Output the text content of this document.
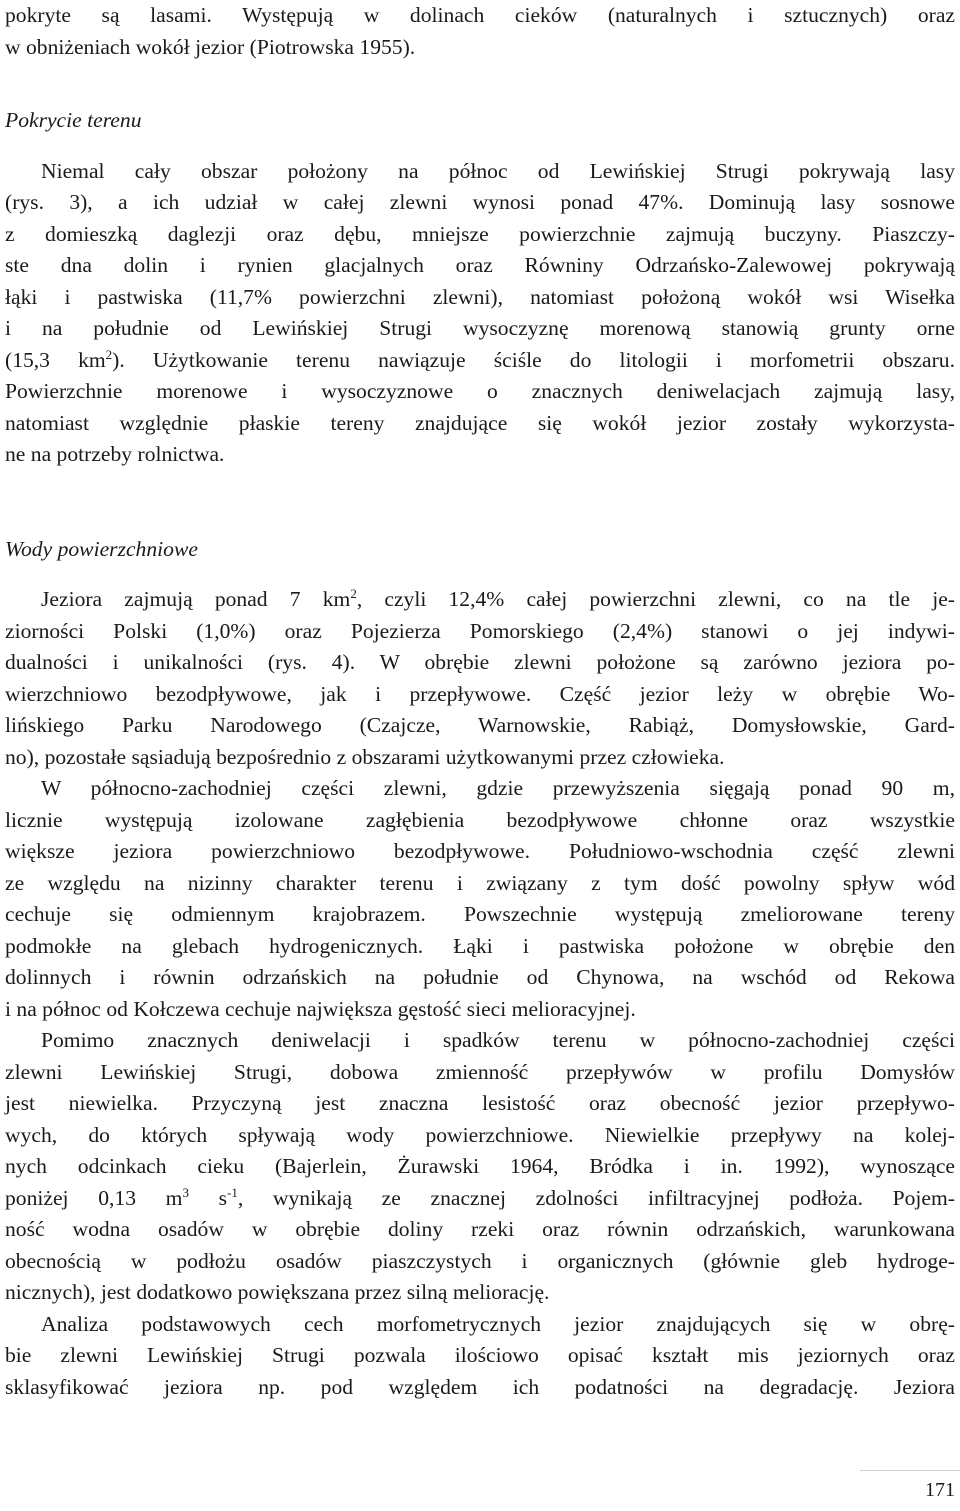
pokryte są lasami. Występują w dolinach cieków (naturalnych i sztucznych) oraz
w obniżeniach wokół jezior (Piotrowska 1955).
Pokrycie terenu
Niemal cały obszar położony na północ od Lewińskiej Strugi pokrywają lasy
(rys. 3), a ich udział w całej zlewni wynosi ponad 47%. Dominują lasy sosnowe
z domieszką daglezji oraz dębu, mniejsze powierzchnie zajmują buczyny. Piaszczy-
ste dna dolin i rynien glacjalnych oraz Równiny Odrzańsko-Zalewowej pokrywają
łąki i pastwiska (11,7% powierzchni zlewni), natomiast położoną wokół wsi Wisełka
i na południe od Lewińskiej Strugi wysoczyznę morenową stanowią grunty orne
(15,3 $km^2$). Użytkowanie terenu nawiązuje ściśle do litologii i morfometrii obszaru.
Powierzchnie morenowe i wysoczyznowe o znacznych deniwelacjach zajmują lasy,
natomiast względnie płaskie tereny znajdujące się wokół jezior zostały wykorzysta-
ne na potrzeby rolnictwa.
Wody powierzchniowe
Jeziora zajmują ponad 7 $km^2$, czyli 12,4% całej powierzchni zlewni, co na tle je-
ziorności Polski (1,0%) oraz Pojezierza Pomorskiego (2,4%) stanowi o jej indywi-
dualności i unikalności (rys. 4). W obrębie zlewni położone są zarówno jeziora po-
wierzchniowo bezodpływowe, jak i przepływowe. Część jezior leży w obrębie Wo-
lińskiego Parku Narodowego (Czajcze, Warnowskie, Rabiąż, Domysłowskie, Gard-
no), pozostałe sąsiadują bezpośrednio z obszarami użytkowanymi przez człowieka.
W północno-zachodniej części zlewni, gdzie przewyższenia sięgają ponad 90 m,
licznie występują izolowane zagłębienia bezodpływowe chłonne oraz wszystkie
większe jeziora powierzchniowo bezodpływowe. Południowo-wschodnia część zlewni
ze względu na nizinny charakter terenu i związany z tym dość powolny spływ wód
cechuje się odmiennym krajobrazem. Powszechnie występują zmeliorowane tereny
podmokłe na glebach hydrogenicznych. Łąki i pastwiska położone w obrębie den
dolinnych i równin odrzańskich na południe od Chynowa, na wschód od Rekowa
i na północ od Kołczewa cechuje największa gęstość sieci melioracyjnej.
Pomimo znacznych deniwelacji i spadków terenu w północno-zachodniej części
zlewni Lewińskiej Strugi, dobowa zmienność przepływów w profilu Domysłów
jest niewielka. Przyczyną jest znaczna lesistość oraz obecność jezior przepływo-
wych, do których spływają wody powierzchniowe. Niewielkie przepływy na kolej-
nych odcinkach cieku (Bajerlein, Żurawski 1964, Bródka i in. 1992), wynoszące
poniżej 0,13 $m^3$ $s^{-1}$, wynikają ze znacznej zdolności infiltracyjnej podłoża. Pojem-
ność wodna osadów w obrębie doliny rzeki oraz równin odrzańskich, warunkowana
obecnością w podłożu osadów piaszczystych i organicznych (głównie gleb hydroge-
nicznych), jest dodatkowo powiększana przez silną meliorację.
Analiza podstawowych cech morfometrycznych jezior znajdujących się w obrę-
bie zlewni Lewińskiej Strugi pozwala ilościowo opisać kształt mis jeziornych oraz
sklasyfikować jeziora np. pod względem ich podatności na degradację. Jeziora
171
